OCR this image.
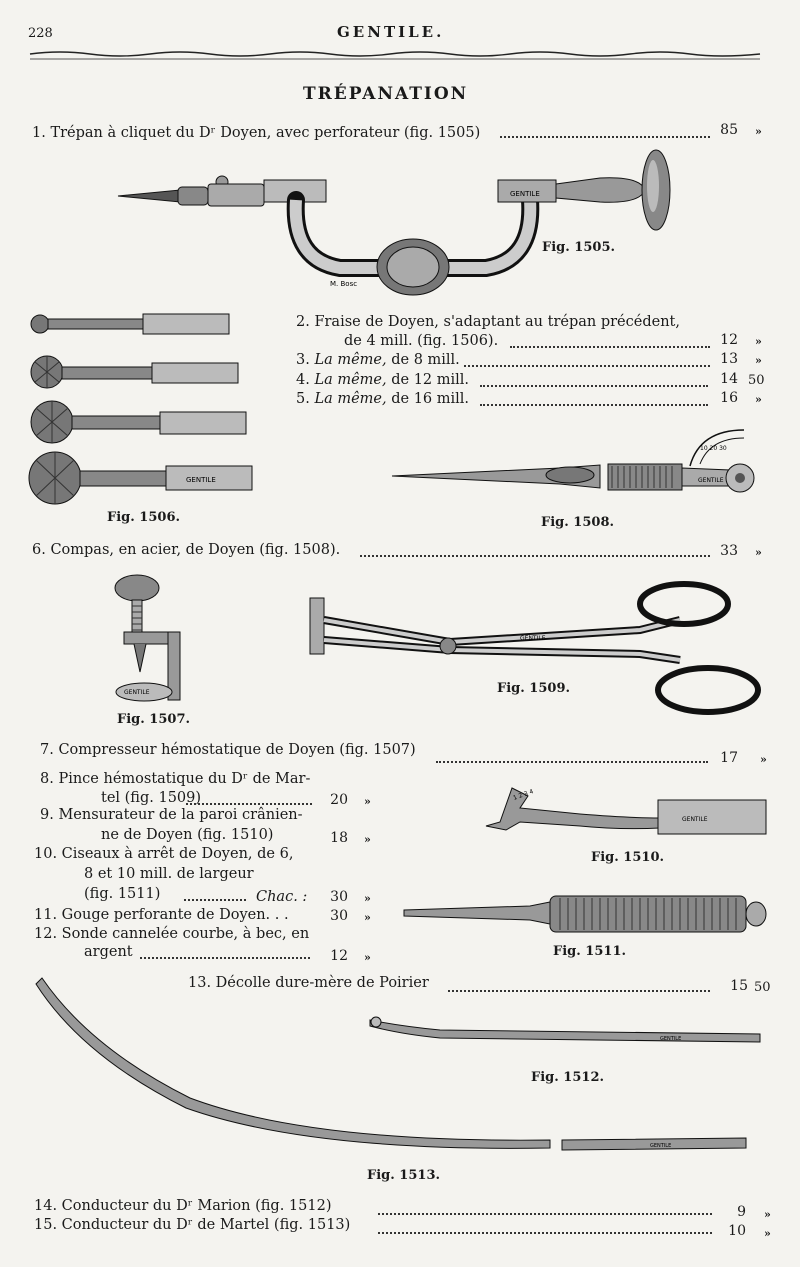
228	GENTILE.
TRÉPANATION
1. Trépan à cliquet du Dʳ Doyen, avec perforateur (fig. 1505)	85 »
GENTILE
M. Bosc
Fig. 1505.
GENTILE
Fig. 1506.
2. Fraise de Doyen, s'adaptant au trépan précédent,
de 4 mill. (fig. 1506).	12 »
3. La même, de 8 mill.	13 »
4. La même, de 12 mill.	14 50
5. La même, de 16 mill.	16 »
10 20 30
GENTILE
Fig. 1508.
6. Compas, en acier, de Doyen (fig. 1508).	33 »
GENTILE
Fig. 1507.
GENTILE
Fig. 1509.
7. Compresseur hémostatique de Doyen (fig. 1507)	17 »
8. Pince hémostatique du Dʳ de Mar-
tel (fig. 1509)	20 »
9. Mensurateur de la paroi crânien-
ne de Doyen (fig. 1510)	18 »
10. Ciseaux à arrêt de Doyen, de 6,
8 et 10 mill. de largeur
(fig. 1511)	Chac. :	30 »
11. Gouge perforante de Doyen. . .	30 »
12. Sonde cannelée courbe, à bec, en
argent	12 »
1 2 3 4
GENTILE
Fig. 1510.
Fig. 1511.
13. Décolle dure-mère de Poirier	15 50
GENTILE
Fig. 1512.
GENTILE
Fig. 1513.
14. Conducteur du Dʳ Marion (fig. 1512)	9 »
15. Conducteur du Dʳ de Martel (fig. 1513)	10 »
